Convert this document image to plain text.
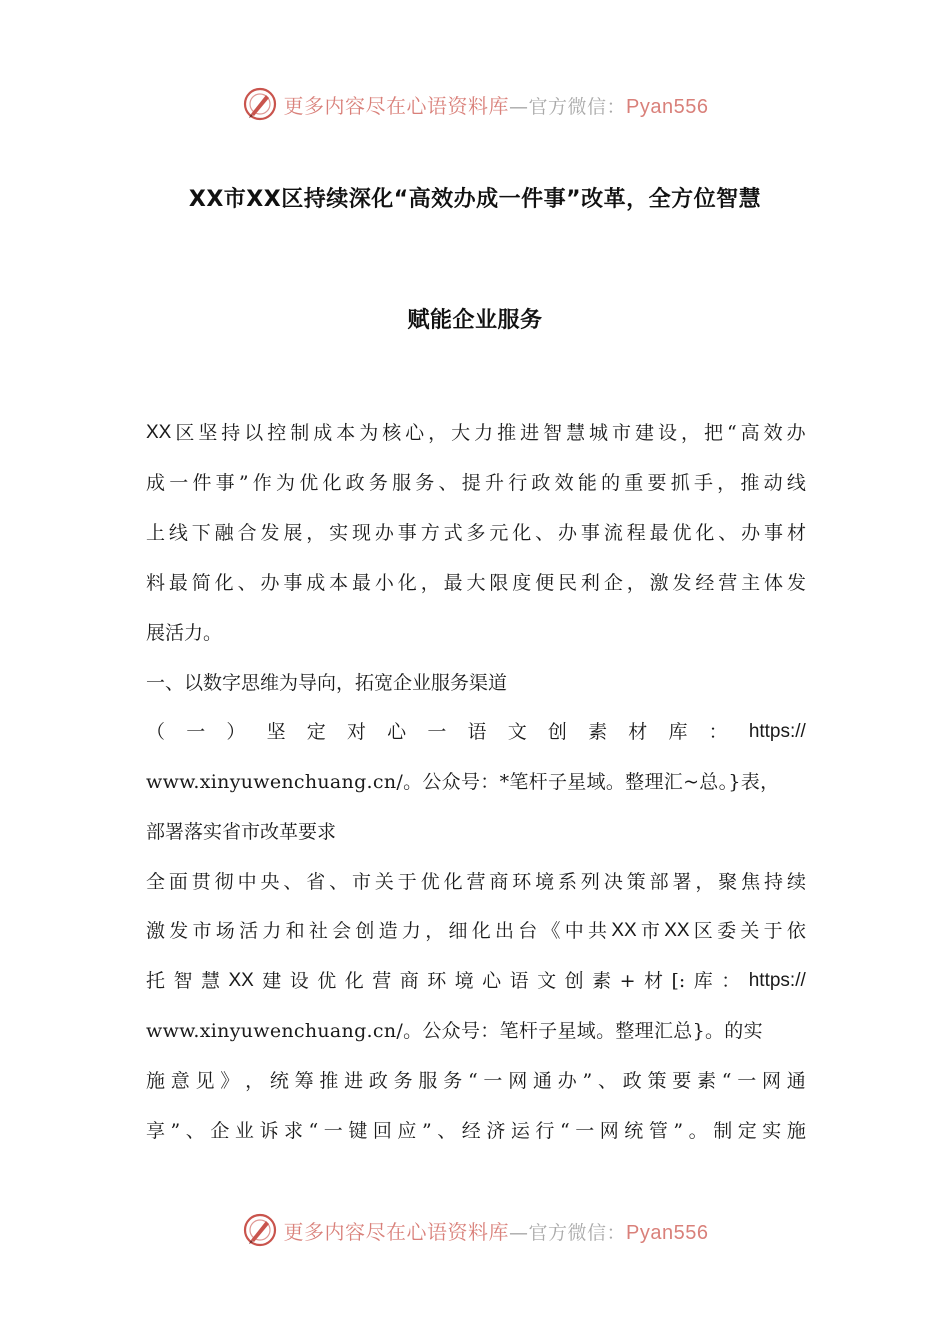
更多内容尽在心语资料库—官方微信：Pyan556
XX市XX区持续深化“高效办成一件事”改革，全方位智慧
赋能企业服务
XX 区 坚 持 以 控 制 成 本 为 核 心 ， 大 力 推 进 智 慧 城 市 建 设 ， 把 “ 高 效 办
成 一 件 事 ” 作 为 优 化 政 务 服 务 、 提 升 行 政 效 能 的 重 要 抓 手 ， 推 动 线
上 线 下 融 合 发 展 ， 实 现 办 事 方 式 多 元 化 、 办 事 流 程 最 优 化 、 办 事 材
料 最 简 化 、 办 事 成 本 最 小 化 ， 最 大 限 度 便 民 利 企 ， 激 发 经 营 主 体 发
展活力。
一、以数字思维为导向，拓宽企业服务渠道
（ 一 ） 坚 定 对 心 一 语 文 创 素 材 库 ： https://
www.xinyuwenchuang.cn/。公众号：*笔杆子星域。整理汇~总。}表，
部署落实省市改革要求
全 面 贯 彻 中 央 、 省 、 市 关 于 优 化 营 商 环 境 系 列 决 策 部 署 ， 聚 焦 持 续
激 发 市 场 活 力 和 社 会 创 造 力 ， 细 化 出 台 《 中 共 XX 市 XX 区 委 关 于 依
托 智 慧 XX 建 设 优 化 营 商 环 境 心 语 文 创 素 + 材 [: 库 ： https://
www.xinyuwenchuang.cn/。公众号：笔杆子星域。整理汇总}。的实
施 意 见 》 ， 统 筹 推 进 政 务 服 务 “ 一 网 通 办 ” 、 政 策 要 素 “ 一 网 通
享 ” 、 企 业 诉 求 “ 一 键 回 应 ” 、 经 济 运 行 “ 一 网 统 管 ” 。 制 定 实 施
更多内容尽在心语资料库—官方微信：Pyan556
